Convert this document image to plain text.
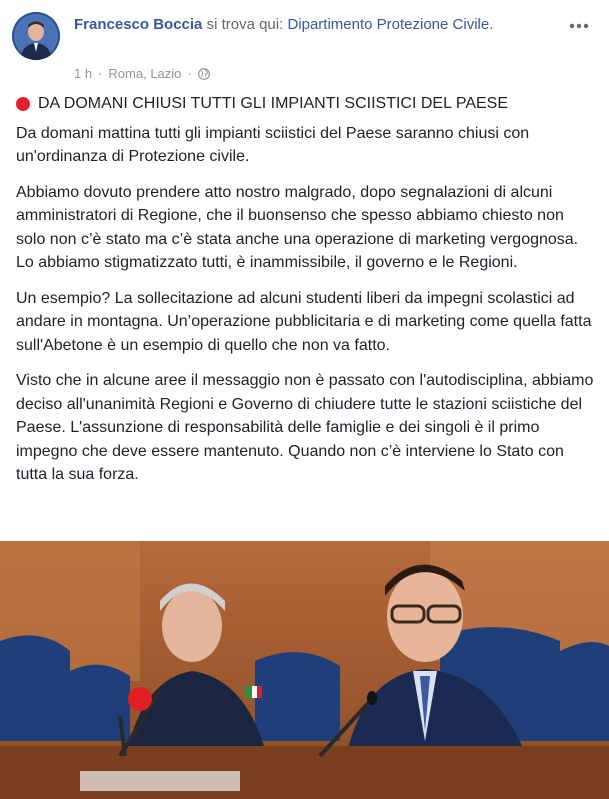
Francesco Boccia si trova qui: Dipartimento Protezione Civile.
1 h · Roma, Lazio ·
DA DOMANI CHIUSI TUTTI GLI IMPIANTI SCIISTICI DEL PAESE

Da domani mattina tutti gli impianti sciistici del Paese saranno chiusi con un'ordinanza di Protezione civile.

Abbiamo dovuto prendere atto nostro malgrado, dopo segnalazioni di alcuni amministratori di Regione, che il buonsenso che spesso abbiamo chiesto non solo non c’è stato ma c’è stata anche una operazione di marketing vergognosa. Lo abbiamo stigmatizzato tutti, è inammissibile, il governo e le Regioni.

Un esempio? La sollecitazione ad alcuni studenti liberi da impegni scolastici ad andare in montagna. Un’operazione pubblicitaria e di marketing come quella fatta sull'Abetone è un esempio di quello che non va fatto.

Visto che in alcune aree il messaggio non è passato con l'autodisciplina, abbiamo deciso all'unanimità Regioni e Governo di chiudere tutte le stazioni sciistiche del Paese. L'assunzione di responsabilità delle famiglie e dei singoli è il primo impegno che deve essere mantenuto. Quando non c’è interviene lo Stato con tutta la sua forza.
